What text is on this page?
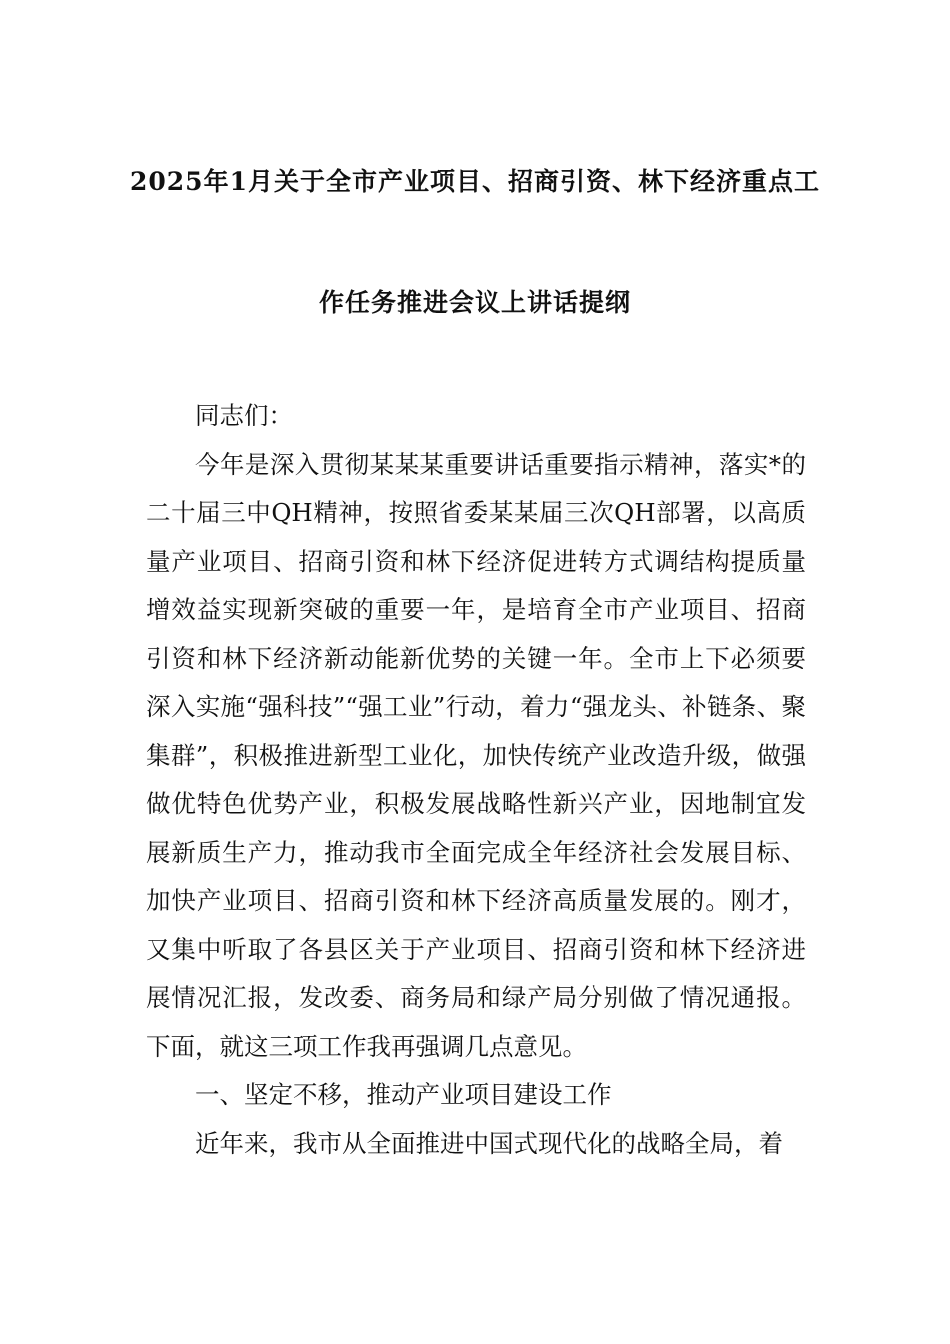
2025年1月关于全市产业项目、招商引资、林下经济重点工
作任务推进会议上讲话提纲

同志们：

今年是深入贯彻某某某重要讲话重要指示精神，落实*的二十届三中QH精神，按照省委某某届三次QH部署，以高质量产业项目、招商引资和林下经济促进转方式调结构提质量增效益实现新突破的重要一年，是培育全市产业项目、招商引资和林下经济新动能新优势的关键一年。全市上下必须要深入实施“强科技”“强工业”行动，着力“强龙头、补链条、聚集群”，积极推进新型工业化，加快传统产业改造升级，做强做优特色优势产业，积极发展战略性新兴产业，因地制宜发展新质生产力，推动我市全面完成全年经济社会发展目标、加快产业项目、招商引资和林下经济高质量发展的。刚才，又集中听取了各县区关于产业项目、招商引资和林下经济进展情况汇报，发改委、商务局和绿产局分别做了情况通报。下面，就这三项工作我再强调几点意见。

一、坚定不移，推动产业项目建设工作

近年来，我市从全面推进中国式现代化的战略全局，着
